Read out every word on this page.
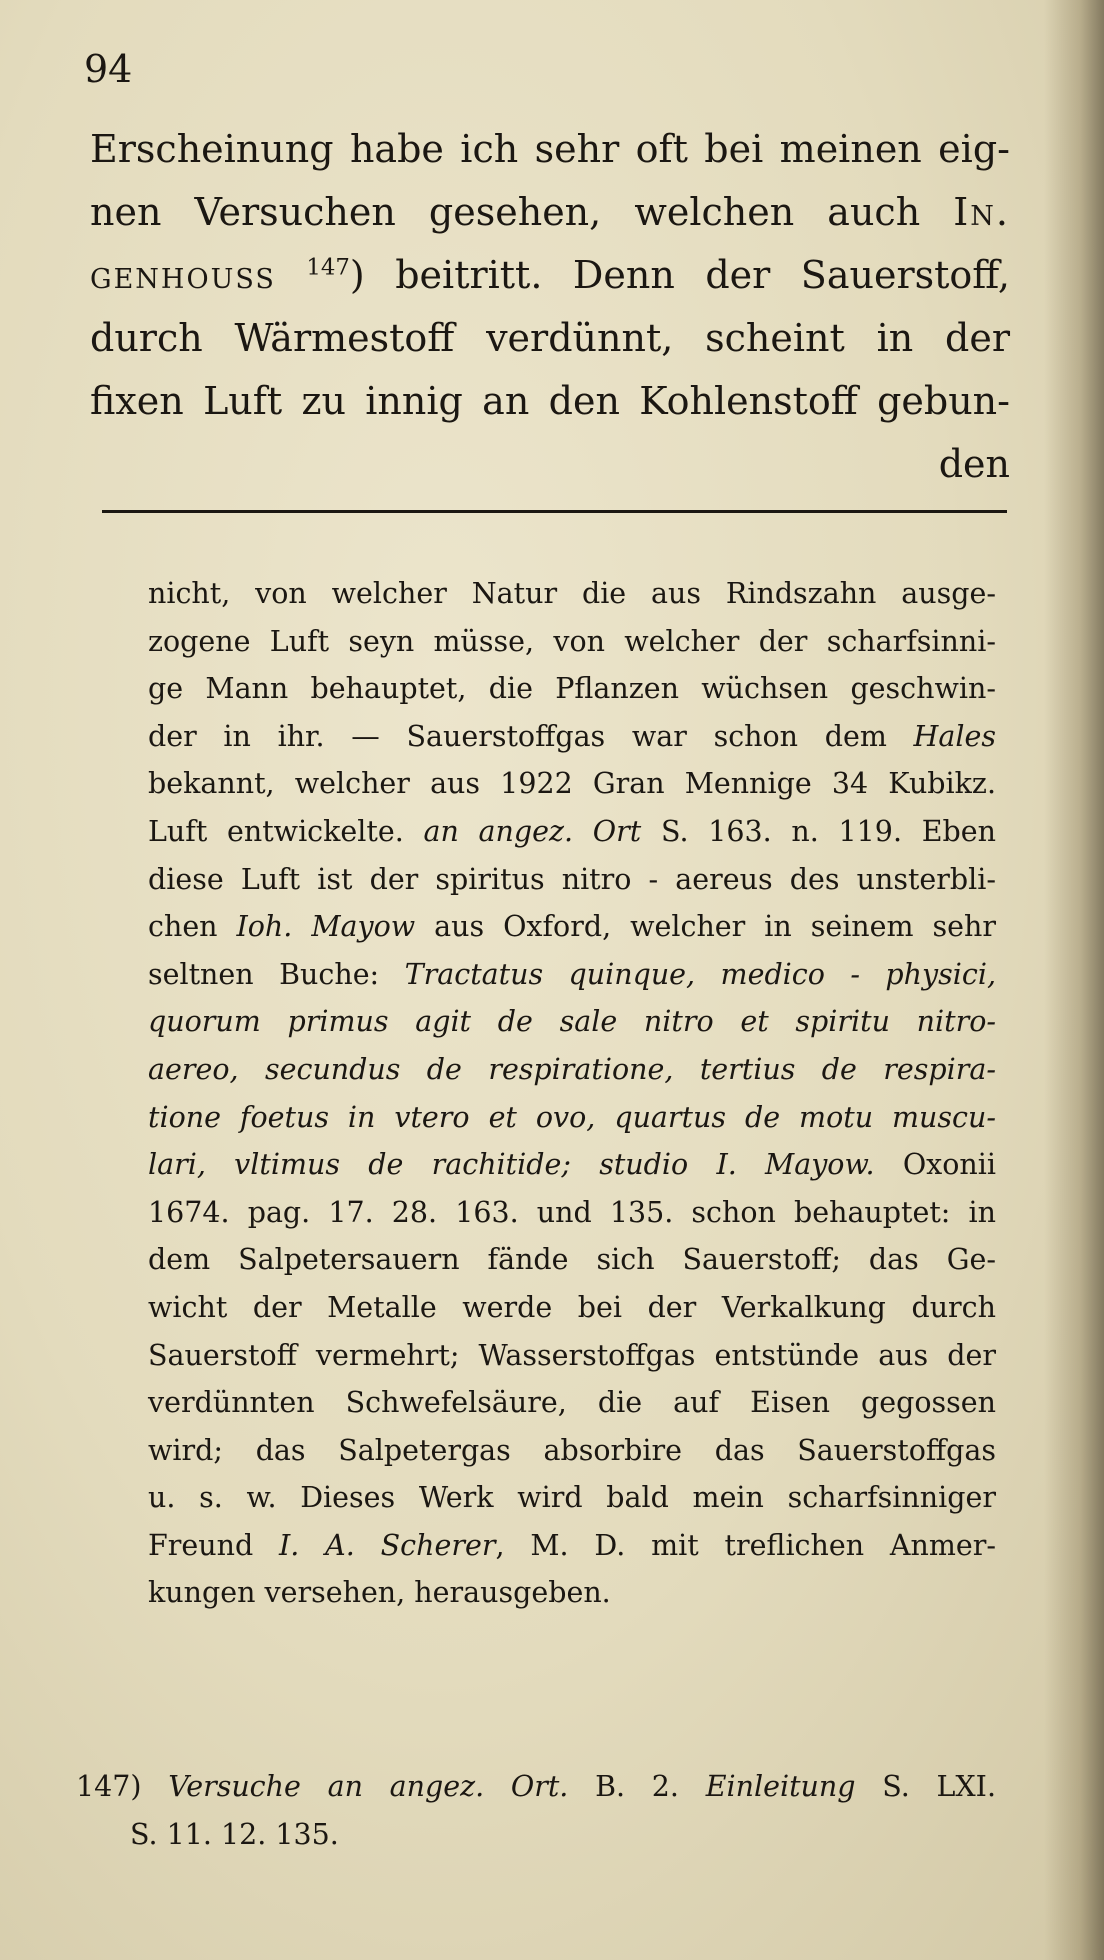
94
Erscheinung habe ich sehr oft bei meinen eig-
nen Versuchen gesehen, welchen auch In.
genhouss $^{147}$) beitritt. Denn der Sauerstoff,
durch Wärmestoff verdünnt, scheint in der
fixen Luft zu innig an den Kohlenstoff gebun-
den
nicht, von welcher Natur die aus Rindszahn ausge-
zogene Luft seyn müsse, von welcher der scharfsinni-
ge Mann behauptet, die Pflanzen wüchsen geschwin-
der in ihr. — Sauerstoffgas war schon dem Hales
bekannt, welcher aus 1922 Gran Mennige 34 Kubikz.
Luft entwickelte. an angez. Ort S. 163. n. 119. Eben
diese Luft ist der spiritus nitro - aereus des unsterbli-
chen Ioh. Mayow aus Oxford, welcher in seinem sehr
seltnen Buche: Tractatus quinque, medico - physici,
quorum primus agit de sale nitro et spiritu nitro-
aereo, secundus de respiratione, tertius de respira-
tione foetus in vtero et ovo, quartus de motu muscu-
lari, vltimus de rachitide; studio I. Mayow. Oxonii
1674. pag. 17. 28. 163. und 135. schon behauptet: in
dem Salpetersauern fände sich Sauerstoff; das Ge-
wicht der Metalle werde bei der Verkalkung durch
Sauerstoff vermehrt; Wasserstoffgas entstünde aus der
verdünnten Schwefelsäure, die auf Eisen gegossen
wird; das Salpetergas absorbire das Sauerstoffgas
u. s. w. Dieses Werk wird bald mein scharfsinniger
Freund I. A. Scherer, M. D. mit treflichen Anmer-
kungen versehen, herausgeben.
147) Versuche an angez. Ort. B. 2. Einleitung S. LXI.
S. 11. 12. 135.
